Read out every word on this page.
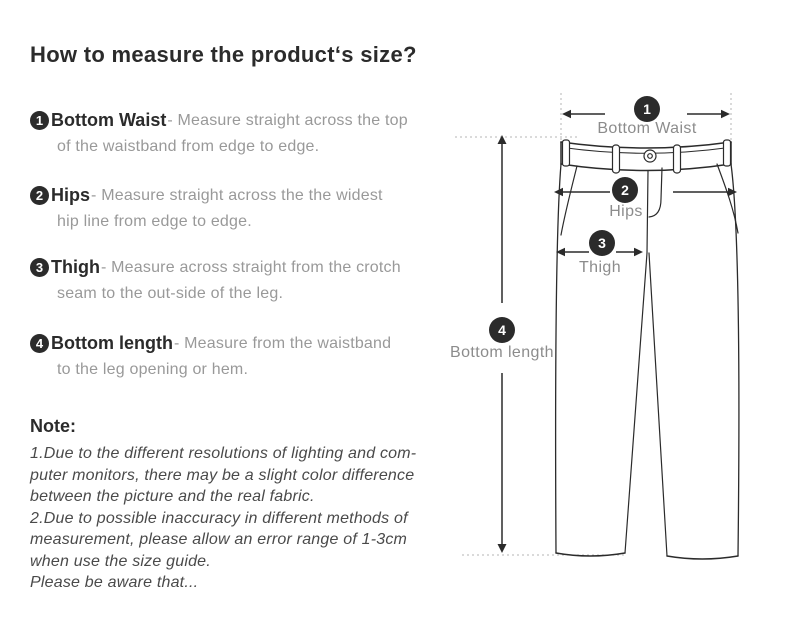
How to measure the product‘s size?
1 Bottom Waist - Measure straight across the top
of the waistband from edge to edge.
2 Hips - Measure straight across the the widest
hip line from edge to edge.
3 Thigh - Measure across straight from the crotch
seam to the out-side of the leg.
4 Bottom length - Measure from the waistband
to the leg opening or hem.
Note:
1.Due to the different resolutions of lighting and com-
puter monitors, there may be a slight color difference
between the picture and the real fabric.
2.Due to possible inaccuracy in different methods of
measurement, please allow an error range of 1-3cm
when use the size guide.
Please be aware that...
1
Bottom Waist
2
Hips
3
Thigh
4
Bottom length
